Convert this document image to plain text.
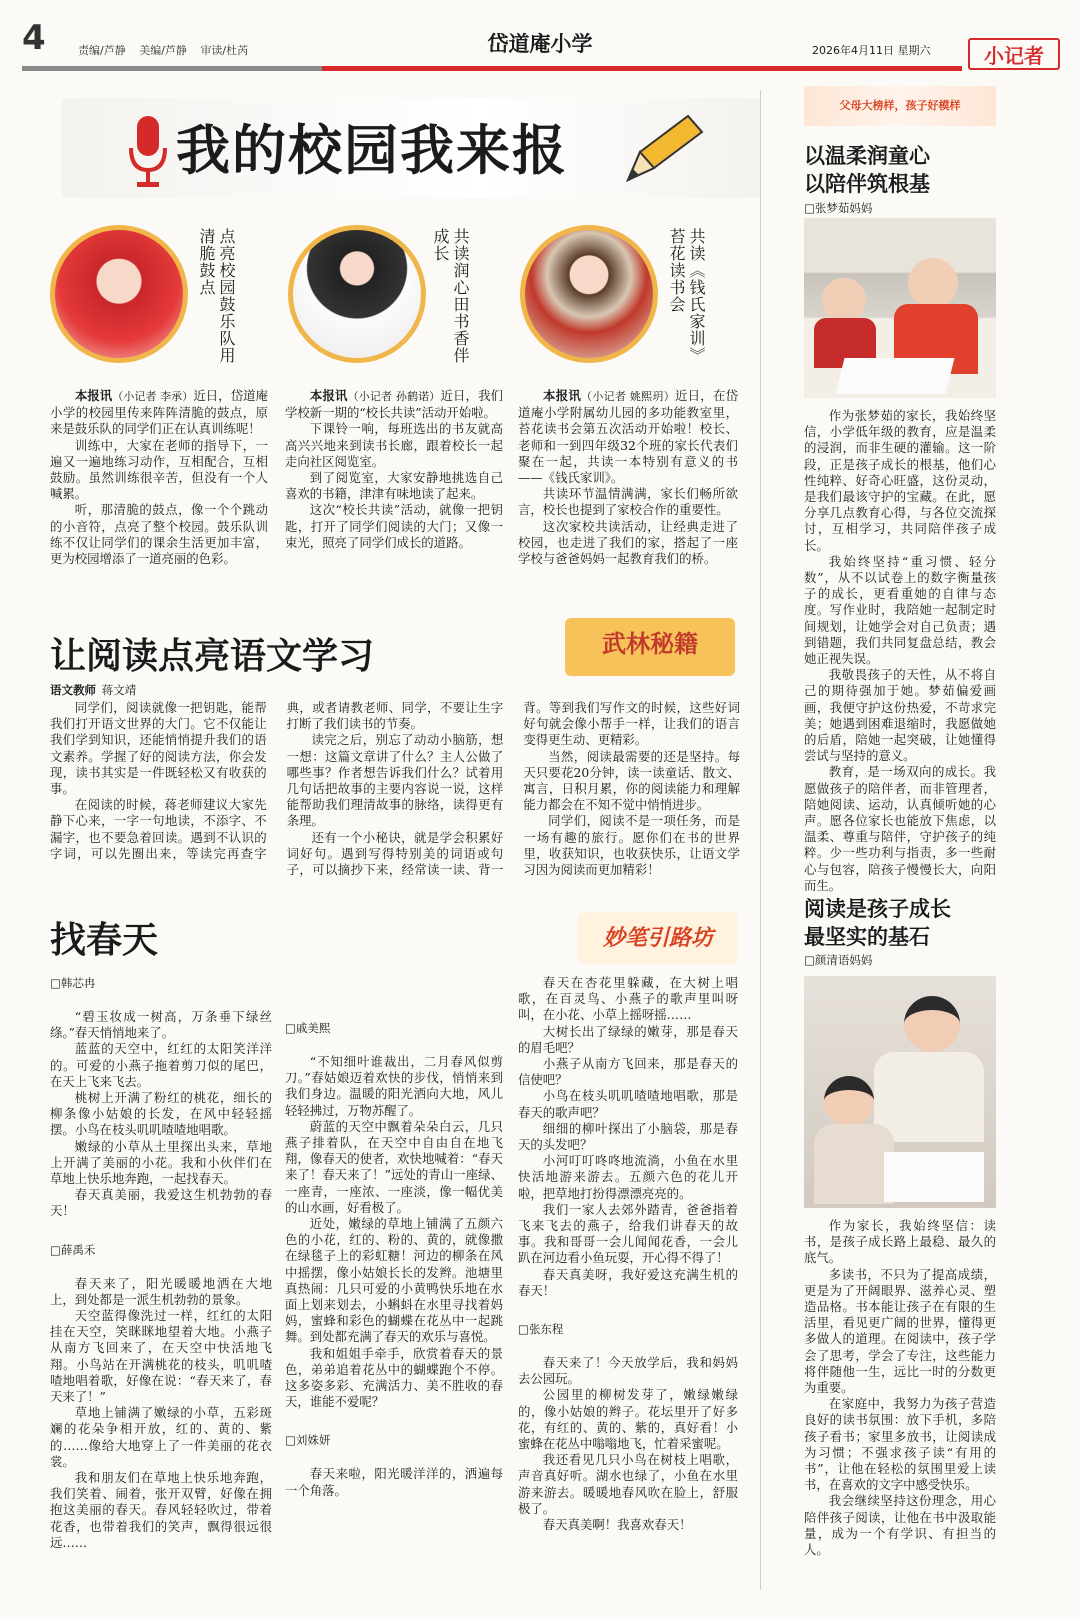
4	责编/芦静 美编/芦静 审读/杜芮	岱道庵小学	2026年4月11日 星期六	小记者
我的校园我来报
点亮校园鼓乐队用清脆鼓点
  本报讯（小记者 李承）近日，岱道庵小学的校园里传来阵阵清脆的鼓点，原来是鼓乐队的同学们正在认真训练呢！

训练中，大家在老师的指导下，一遍又一遍地练习动作，互相配合，互相鼓励。虽然训练很辛苦，但没有一个人喊累。

听，那清脆的鼓点，像一个个跳动的小音符，点亮了整个校园。鼓乐队训练不仅让同学们的课余生活更加丰富，更为校园增添了一道亮丽的色彩。

共读润心田书香伴成长
  本报讯（小记者 孙鹤诺）近日，我们学校新一期的“校长共读”活动开始啦。

下课铃一响，每班选出的书友就高高兴兴地来到读书长廊，跟着校长一起走向社区阅览室。

到了阅览室，大家安静地挑选自己喜欢的书籍，津津有味地读了起来。

这次“校长共读”活动，就像一把钥匙，打开了同学们阅读的大门；又像一束光，照亮了同学们成长的道路。

共读《钱氏家训》苔花读书会
  本报讯（小记者 姚熙玥）近日，在岱道庵小学附属幼儿园的多功能教室里，苔花读书会第五次活动开始啦！校长、老师和一到四年级32个班的家长代表们聚在一起，共读一本特别有意义的书——《钱氏家训》。

共读环节温情满满，家长们畅所欲言，校长也提到了家校合作的重要性。

这次家校共读活动，让经典走进了校园，也走进了我们的家，搭起了一座学校与爸爸妈妈一起教育我们的桥。

让阅读点亮语文学习	武林秘籍
语文教师  蒋文靖

同学们，阅读就像一把钥匙，能帮我们打开语文世界的大门。它不仅能让我们学到知识，还能悄悄提升我们的语文素养。学握了好的阅读方法，你会发现，读书其实是一件既轻松又有收获的事。

在阅读的时候，蒋老师建议大家先静下心来，一字一句地读，不添字、不漏字，也不要急着回读。遇到不认识的字词，可以先圈出来，等读完再查字典，或者请教老师、同学，不要让生字打断了我们读书的节奏。

读完之后，别忘了动动小脑筋，想一想：这篇文章讲了什么？主人公做了哪些事？作者想告诉我们什么？试着用几句话把故事的主要内容说一说，这样能帮助我们理清故事的脉络，读得更有条理。

还有一个小秘诀，就是学会积累好词好句。遇到写得特别美的词语或句子，可以摘抄下来，经常读一读、背一背。等到我们写作文的时候，这些好词好句就会像小帮手一样，让我们的语言变得更生动、更精彩。

当然，阅读最需要的还是坚持。每天只要花20分钟，读一读童话、散文、寓言，日积月累，你的阅读能力和理解能力都会在不知不觉中悄悄进步。

同学们，阅读不是一项任务，而是一场有趣的旅行。愿你们在书的世界里，收获知识，也收获快乐，让语文学习因为阅读而更加精彩！

找春天	妙笔引路坊
□韩芯冉

“碧玉妆成一树高，万条垂下绿丝绦。”春天悄悄地来了。

蓝蓝的天空中，红红的太阳笑洋洋的。可爱的小燕子拖着剪刀似的尾巴，在天上飞来飞去。

桃树上开满了粉红的桃花，细长的柳条像小姑娘的长发，在风中轻轻摇摆。小鸟在枝头叽叽喳喳地唱歌。

嫩绿的小草从土里探出头来，草地上开满了美丽的小花。我和小伙伴们在草地上快乐地奔跑，一起找春天。

春天真美丽，我爱这生机勃勃的春天！

□薛禹禾

春天来了，阳光暖暖地洒在大地上，到处都是一派生机勃勃的景象。

天空蓝得像洗过一样，红红的太阳挂在天空，笑眯眯地望着大地。小燕子从南方飞回来了，在天空中快活地飞翔。小鸟站在开满桃花的枝头，叽叽喳喳地唱着歌，好像在说：“春天来了，春天来了！”

草地上铺满了嫩绿的小草，五彩斑斓的花朵争相开放，红的、黄的、紫的……像给大地穿上了一件美丽的花衣裳。

我和朋友们在草地上快乐地奔跑，我们笑着、闹着，张开双臂，好像在拥抱这美丽的春天。春风轻轻吹过，带着花香，也带着我们的笑声，飘得很远很远……

□戚美熙

“不知细叶谁裁出，二月春风似剪刀。”春姑娘迈着欢快的步伐，悄悄来到我们身边。温暖的阳光洒向大地，风儿轻轻拂过，万物苏醒了。

蔚蓝的天空中飘着朵朵白云，几只燕子排着队，在天空中自由自在地飞翔，像春天的使者，欢快地喊着：“春天来了！春天来了！”远处的青山一座绿、一座青，一座浓、一座淡，像一幅优美的山水画，好看极了。

近处，嫩绿的草地上铺满了五颜六色的小花，红的、粉的、黄的，就像撒在绿毯子上的彩虹糖！河边的柳条在风中摇摆，像小姑娘长长的发辫。池塘里真热闹：几只可爱的小黄鸭快乐地在水面上划来划去，小蝌蚪在水里寻找着妈妈，蜜蜂和彩色的蝴蝶在花丛中一起跳舞。到处都充满了春天的欢乐与喜悦。

我和姐姐手牵手，欣赏着春天的景色，弟弟追着花丛中的蝴蝶跑个不停。这多姿多彩、充满活力、美不胜收的春天，谁能不爱呢？

□刘姝妍

春天来啦，阳光暖洋洋的，洒遍每一个角落。

春天在杏花里躲藏，在大树上唱歌，在百灵鸟、小燕子的歌声里叫呀叫，在小花、小草上摇呀摇……

大树长出了绿绿的嫩芽，那是春天的眉毛吧？

小燕子从南方飞回来，那是春天的信使吧？

小鸟在枝头叽叽喳喳地唱歌，那是春天的歌声吧？

细细的柳叶探出了小脑袋，那是春天的头发吧？

小河叮叮咚咚地流淌，小鱼在水里快活地游来游去。五颜六色的花儿开啦，把草地打扮得漂漂亮亮的。

我们一家人去郊外踏青，爸爸指着飞来飞去的燕子，给我们讲春天的故事。我和哥哥一会儿闻闻花香，一会儿趴在河边看小鱼玩耍，开心得不得了！

春天真美呀，我好爱这充满生机的春天！

□张东程

春天来了！今天放学后，我和妈妈去公园玩。

公园里的柳树发芽了，嫩绿嫩绿的，像小姑娘的辫子。花坛里开了好多花，有红的、黄的、紫的，真好看！小蜜蜂在花丛中嗡嗡地飞，忙着采蜜呢。

我还看见几只小鸟在树枝上唱歌，声音真好听。湖水也绿了，小鱼在水里游来游去。暖暖地春风吹在脸上，舒服极了。

春天真美啊！我喜欢春天！

父母大榜样，孩子好模样
以温柔润童心以陪伴筑根基
□张梦茹妈妈

作为张梦茹的家长，我始终坚信，小学低年级的教育，应是温柔的浸润，而非生硬的灌输。这一阶段，正是孩子成长的根基，他们心性纯粹、好奇心旺盛，这份灵动，是我们最该守护的宝藏。在此，愿分享几点教育心得，与各位交流探讨，互相学习，共同陪伴孩子成长。

我始终坚持“重习惯、轻分数”，从不以试卷上的数字衡量孩子的成长，更看重她的自律与态度。写作业时，我陪她一起制定时间规划，让她学会对自己负责；遇到错题，我们共同复盘总结，教会她正视失误。

我敬畏孩子的天性，从不将自己的期待强加于她。梦茹偏爱画画，我便守护这份热爱，不苛求完美；她遇到困难退缩时，我愿做她的后盾，陪她一起突破，让她懂得尝试与坚持的意义。

教育，是一场双向的成长。我愿做孩子的陪伴者，而非管理者，陪她阅读、运动，认真倾听她的心声。愿各位家长也能放下焦虑，以温柔、尊重与陪伴，守护孩子的纯粹。少一些功利与指责，多一些耐心与包容，陪孩子慢慢长大，向阳而生。

阅读是孩子成长最坚实的基石
□颜清语妈妈

作为家长，我始终坚信：读书，是孩子成长路上最稳、最久的底气。

多读书，不只为了提高成绩，更是为了开阔眼界、滋养心灵、塑造品格。书本能让孩子在有限的生活里，看见更广阔的世界，懂得更多做人的道理。在阅读中，孩子学会了思考，学会了专注，这些能力将伴随他一生，远比一时的分数更为重要。

在家庭中，我努力为孩子营造良好的读书氛围：放下手机，多陪孩子看书；家里多放书，让阅读成为习惯；不强求孩子读“有用的书”，让他在轻松的氛围里爱上读书，在喜欢的文字中感受快乐。

我会继续坚持这份理念，用心陪伴孩子阅读，让他在书中汲取能量，成为一个有学识、有担当的人。
